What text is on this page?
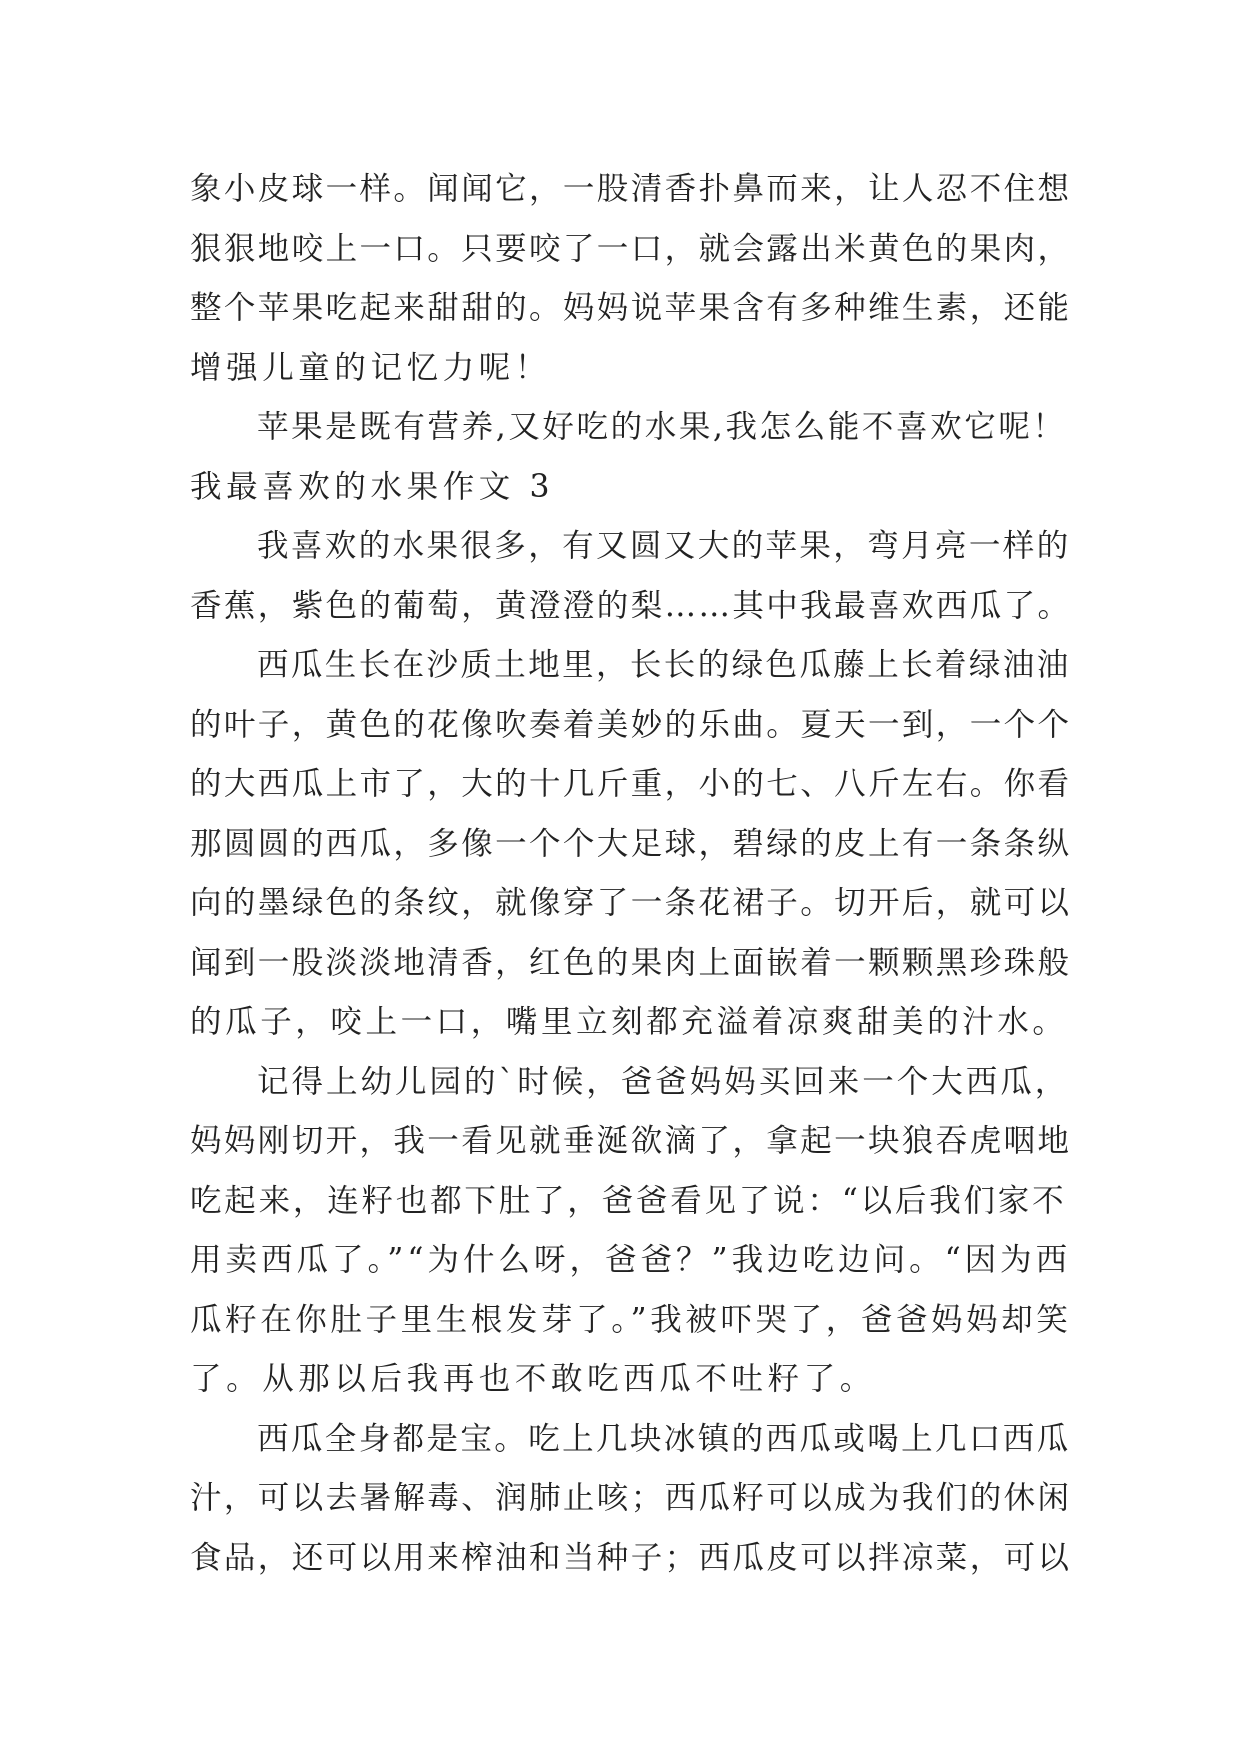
象小皮球一样。闻闻它，一股清香扑鼻而来，让人忍不住想
狠狠地咬上一口。只要咬了一口，就会露出米黄色的果肉，
整个苹果吃起来甜甜的。妈妈说苹果含有多种维生素，还能
增强儿童的记忆力呢！
苹果是既有营养,又好吃的水果,我怎么能不喜欢它呢！
我最喜欢的水果作文 3
我喜欢的水果很多，有又圆又大的苹果，弯月亮一样的
香蕉，紫色的葡萄，黄澄澄的梨……其中我最喜欢西瓜了。
西瓜生长在沙质土地里，长长的绿色瓜藤上长着绿油油
的叶子，黄色的花像吹奏着美妙的乐曲。夏天一到，一个个
的大西瓜上市了，大的十几斤重，小的七、八斤左右。你看
那圆圆的西瓜，多像一个个大足球，碧绿的皮上有一条条纵
向的墨绿色的条纹，就像穿了一条花裙子。切开后，就可以
闻到一股淡淡地清香，红色的果肉上面嵌着一颗颗黑珍珠般
的瓜子，咬上一口，嘴里立刻都充溢着凉爽甜美的汁水。
记得上幼儿园的`时候，爸爸妈妈买回来一个大西瓜，
妈妈刚切开，我一看见就垂涎欲滴了，拿起一块狼吞虎咽地
吃起来，连籽也都下肚了，爸爸看见了说：“以后我们家不
用卖西瓜了。”“为什么呀，爸爸？”我边吃边问。“因为西
瓜籽在你肚子里生根发芽了。”我被吓哭了，爸爸妈妈却笑
了。从那以后我再也不敢吃西瓜不吐籽了。
西瓜全身都是宝。吃上几块冰镇的西瓜或喝上几口西瓜
汁，可以去暑解毒、润肺止咳；西瓜籽可以成为我们的休闲
食品，还可以用来榨油和当种子；西瓜皮可以拌凉菜，可以
